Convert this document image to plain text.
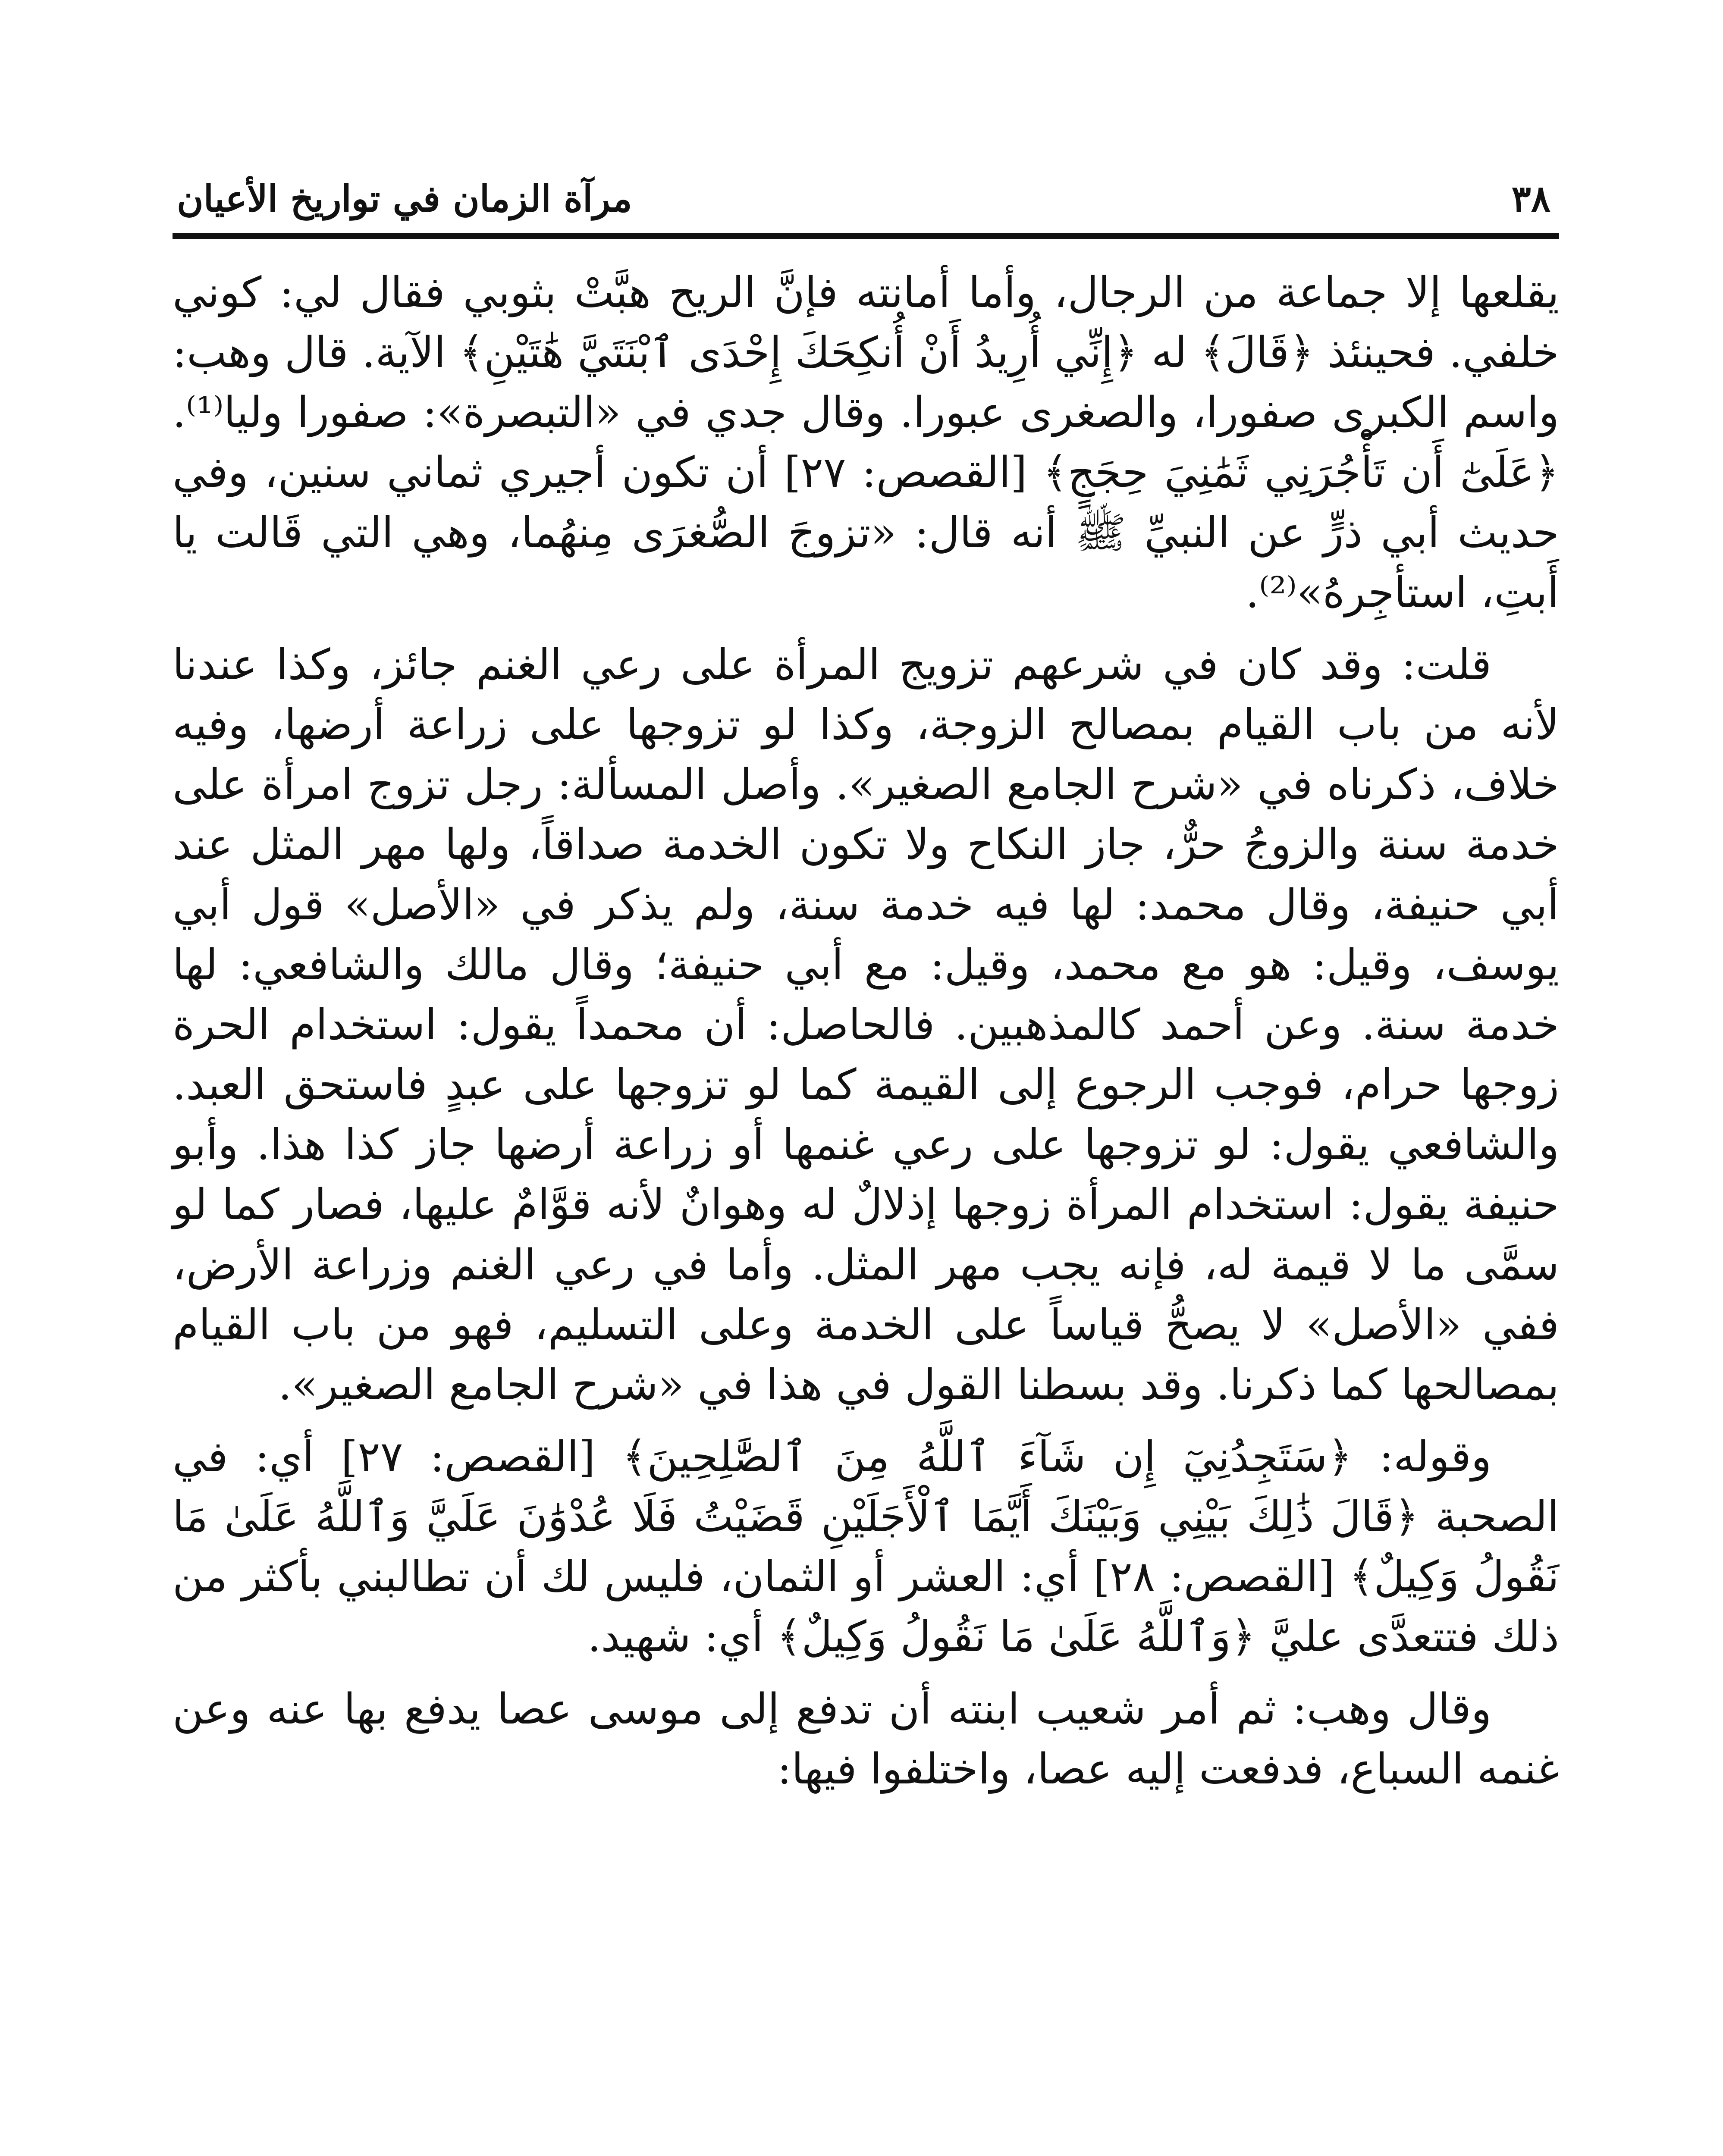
٣٨
مرآة الزمان في تواريخ الأعيان

يقلعها إلا جماعة من الرجال، وأما أمانته فإنَّ الريح هبَّتْ بثوبي فقال لي: كوني خلفي. فحينئذ ﴿قَالَ﴾ له ﴿إِنِّي أُرِيدُ أَنْ أُنكِحَكَ إِحْدَى ٱبْنَتَيَّ هَٰتَيْنِ﴾ الآية. قال وهب: واسم الكبرى صفورا، والصغرى عبورا. وقال جدي في «التبصرة»: صفورا وليا⁽¹⁾. ﴿عَلَىٰٓ أَن تَأْجُرَنِي ثَمَٰنِيَ حِجَجٍ﴾ [القصص: ٢٧] أن تكون أجيري ثماني سنين، وفي حديث أبي ذرٍّ عن النبيِّ ﷺ أنه قال: «تزوجَ الصُّغرَى مِنهُما، وهي التي قَالت يا أَبتِ، استأجِرهُ»⁽²⁾.

قلت: وقد كان في شرعهم تزويج المرأة على رعي الغنم جائز، وكذا عندنا لأنه من باب القيام بمصالح الزوجة، وكذا لو تزوجها على زراعة أرضها، وفيه خلاف، ذكرناه في «شرح الجامع الصغير». وأصل المسألة: رجل تزوج امرأة على خدمة سنة والزوجُ حرٌّ، جاز النكاح ولا تكون الخدمة صداقاً، ولها مهر المثل عند أبي حنيفة، وقال محمد: لها فيه خدمة سنة، ولم يذكر في «الأصل» قول أبي يوسف، وقيل: هو مع محمد، وقيل: مع أبي حنيفة؛ وقال مالك والشافعي: لها خدمة سنة. وعن أحمد كالمذهبين. فالحاصل: أن محمداً يقول: استخدام الحرة زوجها حرام، فوجب الرجوع إلى القيمة كما لو تزوجها على عبدٍ فاستحق العبد. والشافعي يقول: لو تزوجها على رعي غنمها أو زراعة أرضها جاز كذا هذا. وأبو حنيفة يقول: استخدام المرأة زوجها إذلالٌ له وهوانٌ لأنه قوَّامٌ عليها، فصار كما لو سمَّى ما لا قيمة له، فإنه يجب مهر المثل. وأما في رعي الغنم وزراعة الأرض، ففي «الأصل» لا يصحُّ قياساً على الخدمة وعلى التسليم، فهو من باب القيام بمصالحها كما ذكرنا. وقد بسطنا القول في هذا في «شرح الجامع الصغير».

وقوله: ﴿سَتَجِدُنِيٓ إِن شَآءَ ٱللَّهُ مِنَ ٱلصَّٰلِحِينَ﴾ [القصص: ٢٧] أي: في الصحبة ﴿قَالَ ذَٰلِكَ بَيْنِي وَبَيْنَكَ أَيَّمَا ٱلْأَجَلَيْنِ قَضَيْتُ فَلَا عُدْوَٰنَ عَلَيَّ وَٱللَّهُ عَلَىٰ مَا نَقُولُ وَكِيلٌ﴾ [القصص: ٢٨] أي: العشر أو الثمان، فليس لك أن تطالبني بأكثر من ذلك فتتعدَّى عليَّ ﴿وَٱللَّهُ عَلَىٰ مَا نَقُولُ وَكِيلٌ﴾ أي: شهيد.

وقال وهب: ثم أمر شعيب ابنته أن تدفع إلى موسى عصا يدفع بها عنه وعن غنمه السباع، فدفعت إليه عصا، واختلفوا فيها:
